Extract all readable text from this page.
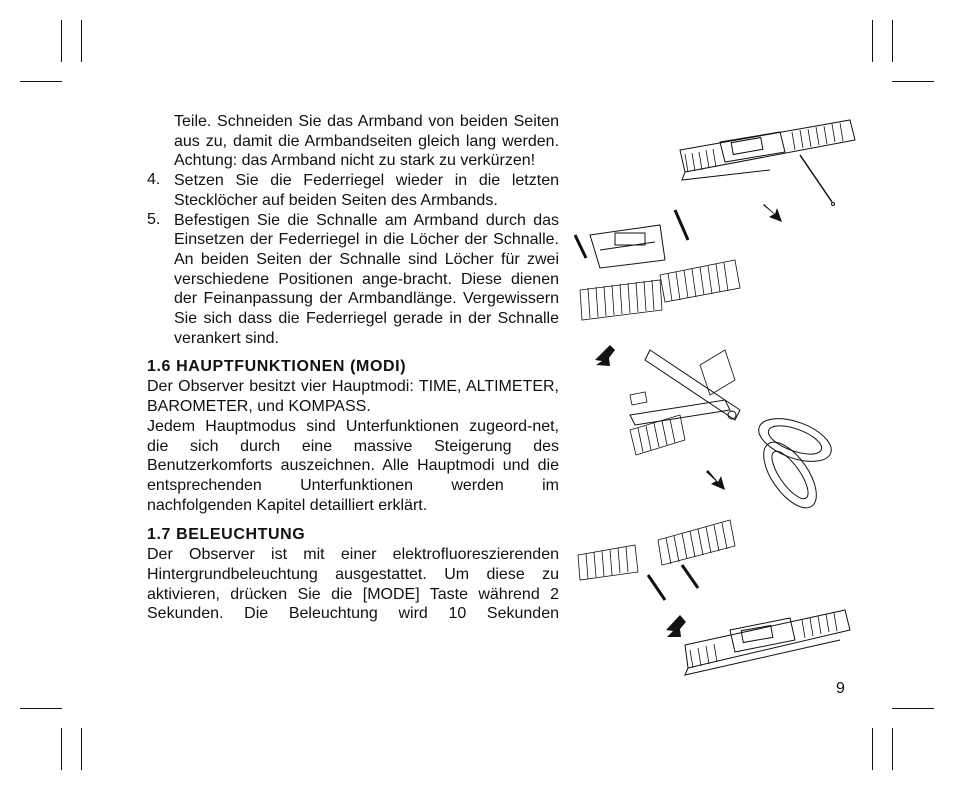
Teile. Schneiden Sie das Armband von beiden Seiten aus zu, damit die Armbandseiten gleich lang werden. Achtung: das Armband nicht zu stark zu verkürzen!

4. Setzen Sie die Federriegel wieder in die letzten Stecklöcher auf beiden Seiten des Armbands.

5. Befestigen Sie die Schnalle am Armband durch das Einsetzen der Federriegel in die Löcher der Schnalle. An beiden Seiten der Schnalle sind Löcher für zwei verschiedene Positionen ange-bracht. Diese dienen der Feinanpassung der Armbandlänge. Vergewissern Sie sich dass die Federriegel gerade in der Schnalle verankert sind.

1.6 HAUPTFUNKTIONEN (MODI)

Der Observer besitzt vier Hauptmodi: TIME, ALTIMETER, BAROMETER, und KOMPASS.

Jedem Hauptmodus sind Unterfunktionen zugeord-net, die sich durch eine massive Steigerung des Benutzerkomforts auszeichnen. Alle Hauptmodi und die entsprechenden Unterfunktionen werden im nachfolgenden Kapitel detailliert erklärt.

1.7 BELEUCHTUNG

Der Observer ist mit einer elektrofluoreszierenden Hintergrundbeleuchtung ausgestattet. Um diese zu aktivieren, drücken Sie die [MODE] Taste während 2 Sekunden. Die Beleuchtung wird 10 Sekunden

9
